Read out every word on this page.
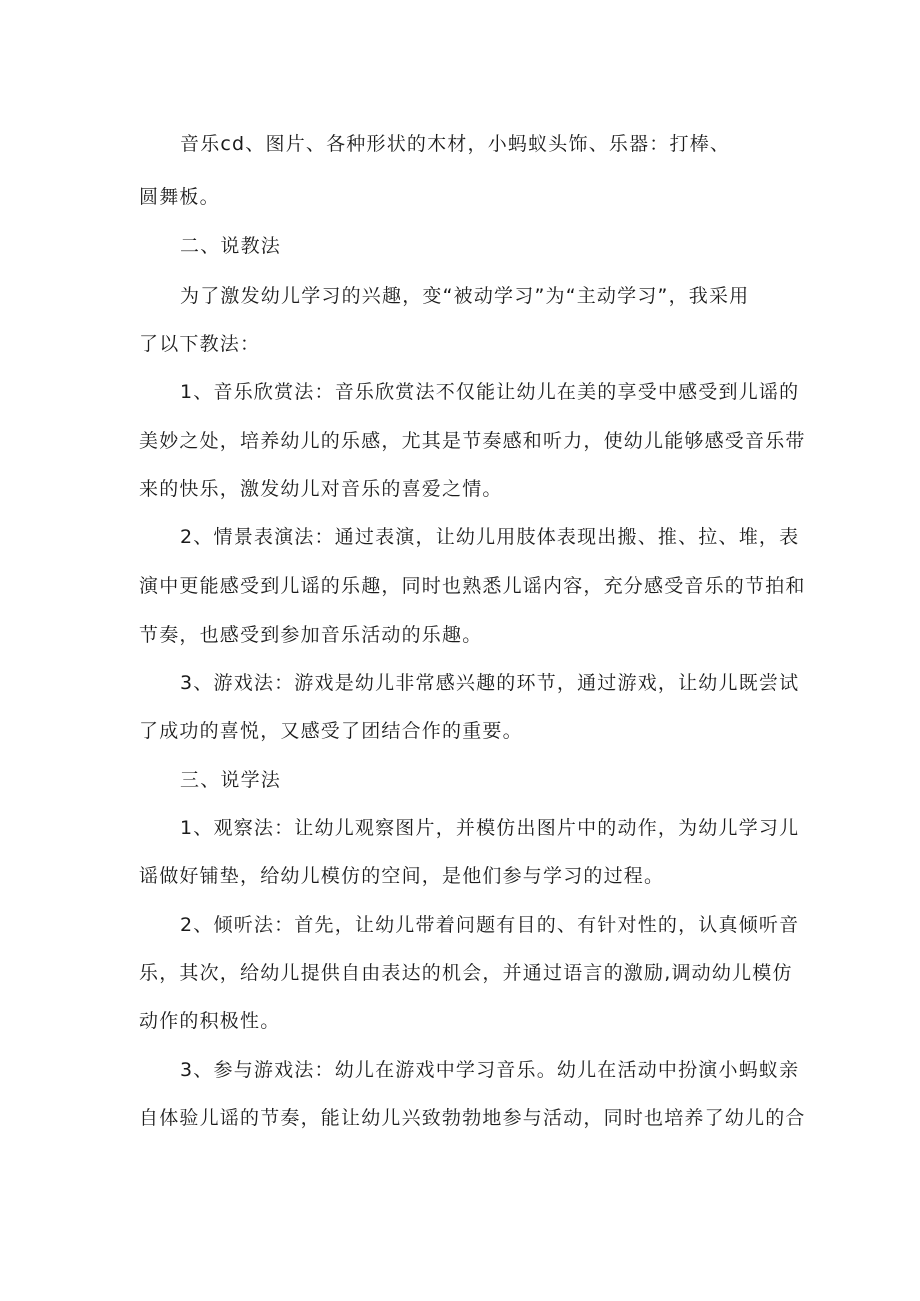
音乐cd、图片、各种形状的木材，小蚂蚁头饰、乐器：打棒、
圆舞板。
二、说教法
为了激发幼儿学习的兴趣，变“被动学习”为“主动学习”，我采用
了以下教法：
1、音乐欣赏法：音乐欣赏法不仅能让幼儿在美的享受中感受到儿谣的
美妙之处，培养幼儿的乐感，尤其是节奏感和听力，使幼儿能够感受音乐带
来的快乐，激发幼儿对音乐的喜爱之情。
2、情景表演法：通过表演，让幼儿用肢体表现出搬、推、拉、堆，表
演中更能感受到儿谣的乐趣，同时也熟悉儿谣内容，充分感受音乐的节拍和
节奏，也感受到参加音乐活动的乐趣。
3、游戏法：游戏是幼儿非常感兴趣的环节，通过游戏，让幼儿既尝试
了成功的喜悦，又感受了团结合作的重要。
三、说学法
1、观察法：让幼儿观察图片，并模仿出图片中的动作，为幼儿学习儿
谣做好铺垫，给幼儿模仿的空间，是他们参与学习的过程。
2、倾听法：首先，让幼儿带着问题有目的、有针对性的，认真倾听音
乐，其次，给幼儿提供自由表达的机会，并通过语言的激励,调动幼儿模仿
动作的积极性。
3、参与游戏法：幼儿在游戏中学习音乐。幼儿在活动中扮演小蚂蚁亲
自体验儿谣的节奏，能让幼儿兴致勃勃地参与活动，同时也培养了幼儿的合
